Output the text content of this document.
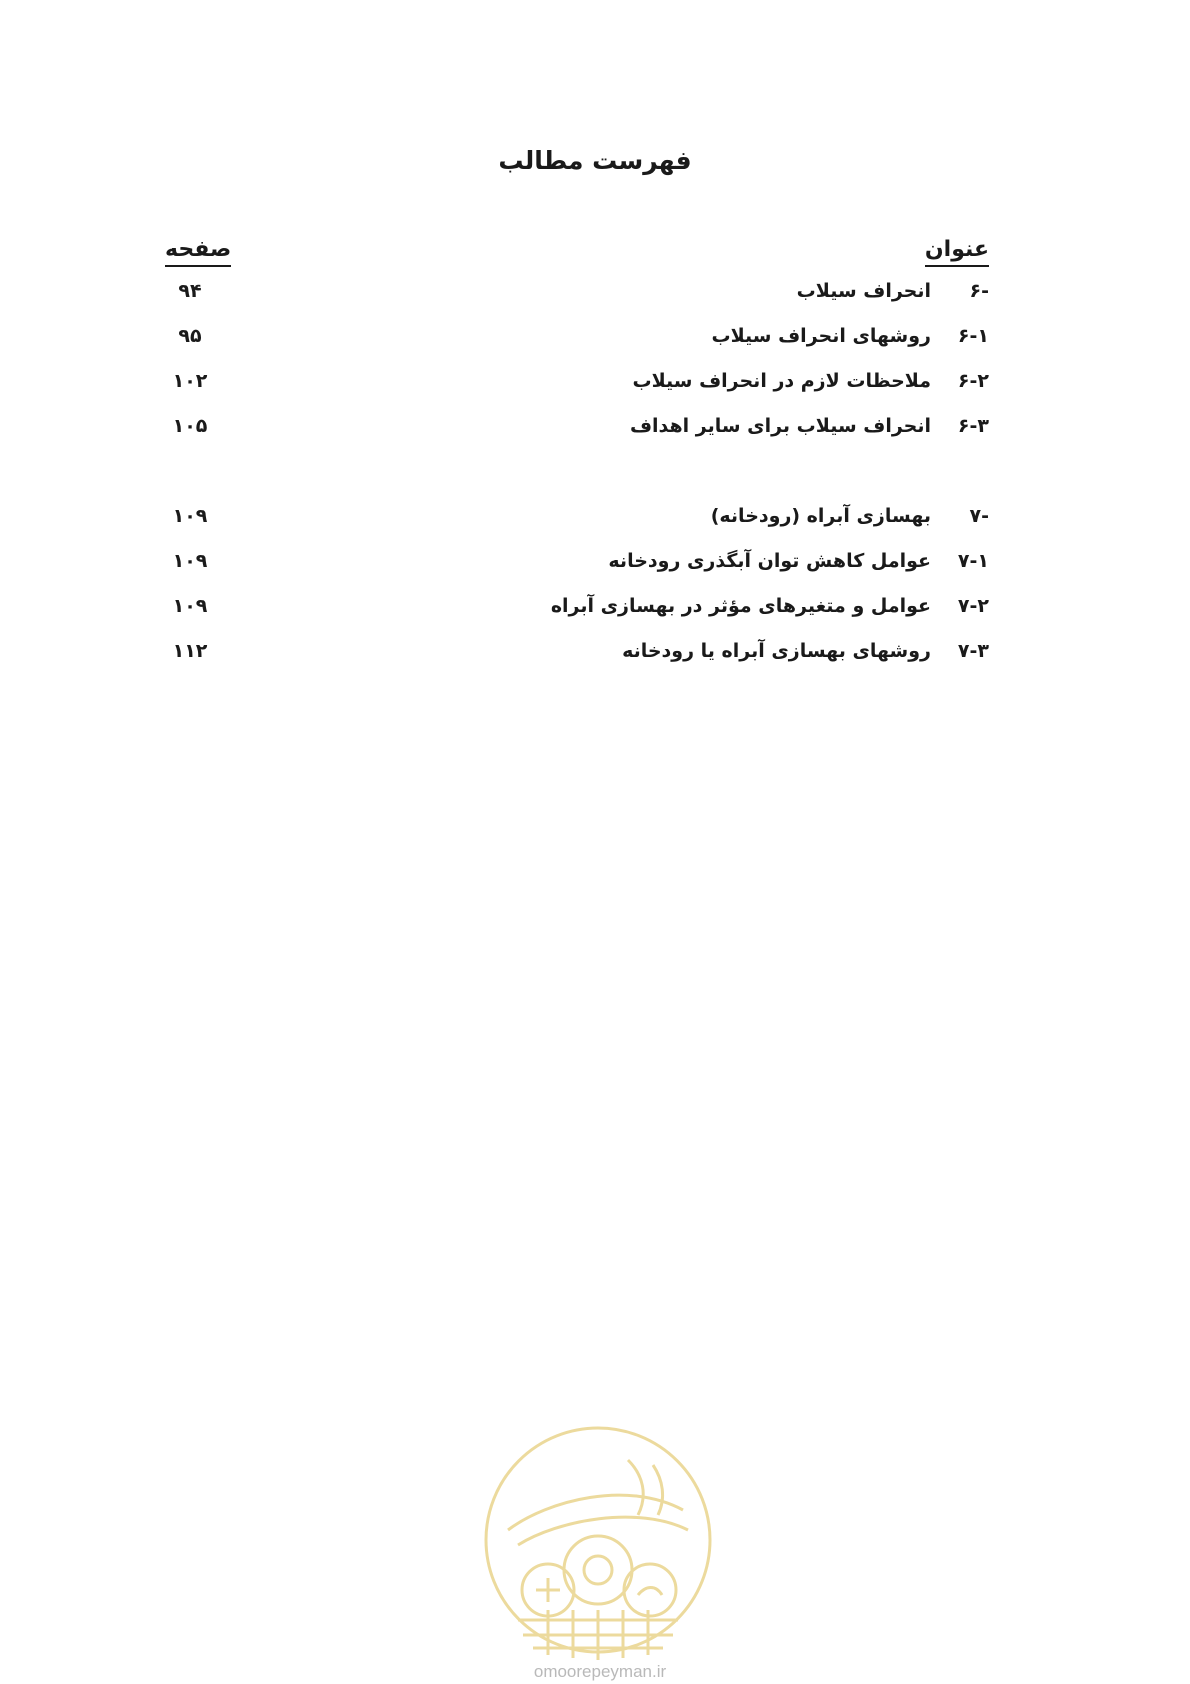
فهرست مطالب
عنوان
صفحه
۶-
انحراف سیلاب
۹۴
۶-۱
روشهای انحراف سیلاب
۹۵
۶-۲
ملاحظات لازم در انحراف سیلاب
۱۰۲
۶-۳
انحراف سیلاب برای سایر اهداف
۱۰۵
۷-
بهسازی آبراه (رودخانه)
۱۰۹
۷-۱
عوامل کاهش توان آبگذری رودخانه
۱۰۹
۷-۲
عوامل و متغیرهای مؤثر در بهسازی آبراه
۱۰۹
۷-۳
روشهای بهسازی آبراه یا رودخانه
۱۱۲
omoorepeyman.ir
